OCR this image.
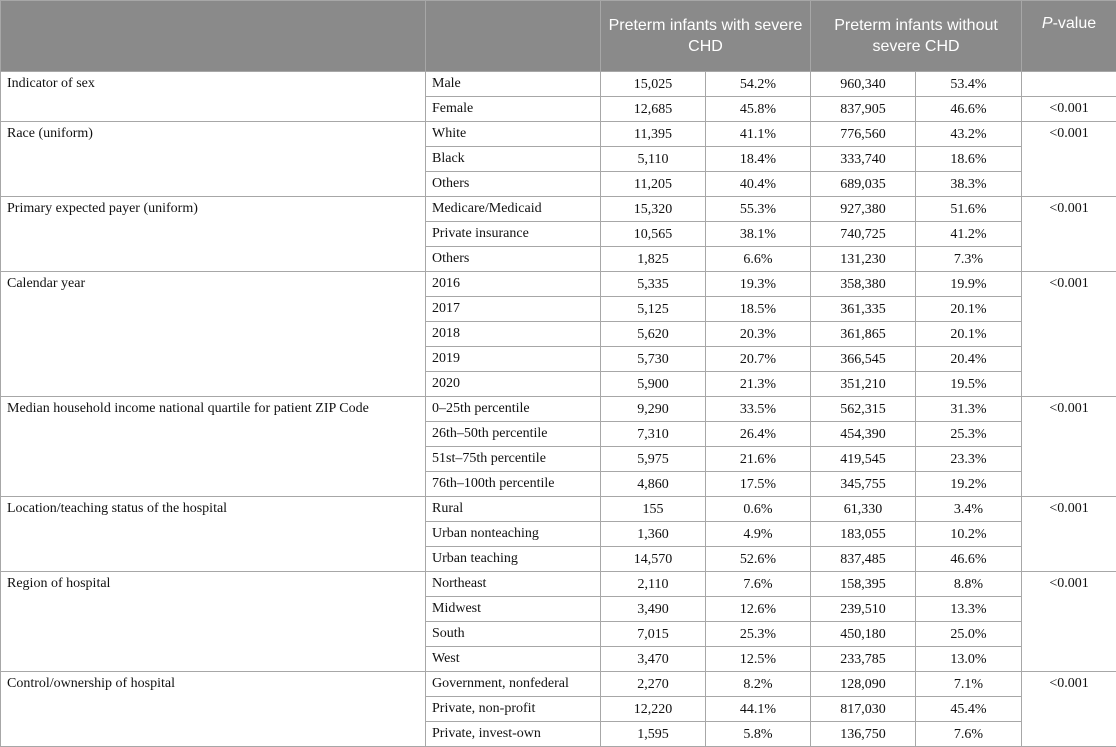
		Preterm infants with severe CHD		Preterm infants without severe CHD		P-value
Indicator of sex	Male	15,025	54.2%	960,340	53.4%	
	Female	12,685	45.8%	837,905	46.6%	<0.001
Race (uniform)	White	11,395	41.1%	776,560	43.2%	<0.001
	Black	5,110	18.4%	333,740	18.6%	
	Others	11,205	40.4%	689,035	38.3%	
Primary expected payer (uniform)	Medicare/Medicaid	15,320	55.3%	927,380	51.6%	<0.001
	Private insurance	10,565	38.1%	740,725	41.2%	
	Others	1,825	6.6%	131,230	7.3%	
Calendar year	2016	5,335	19.3%	358,380	19.9%	<0.001
	2017	5,125	18.5%	361,335	20.1%	
	2018	5,620	20.3%	361,865	20.1%	
	2019	5,730	20.7%	366,545	20.4%	
	2020	5,900	21.3%	351,210	19.5%	
Median household income national quartile for patient ZIP Code	0–25th percentile	9,290	33.5%	562,315	31.3%	<0.001
	26th–50th percentile	7,310	26.4%	454,390	25.3%	
	51st–75th percentile	5,975	21.6%	419,545	23.3%	
	76th–100th percentile	4,860	17.5%	345,755	19.2%	
Location/teaching status of the hospital	Rural	155	0.6%	61,330	3.4%	<0.001
	Urban nonteaching	1,360	4.9%	183,055	10.2%	
	Urban teaching	14,570	52.6%	837,485	46.6%	
Region of hospital	Northeast	2,110	7.6%	158,395	8.8%	<0.001
	Midwest	3,490	12.6%	239,510	13.3%	
	South	7,015	25.3%	450,180	25.0%	
	West	3,470	12.5%	233,785	13.0%	
Control/ownership of hospital	Government, nonfederal	2,270	8.2%	128,090	7.1%	<0.001
	Private, non-profit	12,220	44.1%	817,030	45.4%	
	Private, invest-own	1,595	5.8%	136,750	7.6%	
